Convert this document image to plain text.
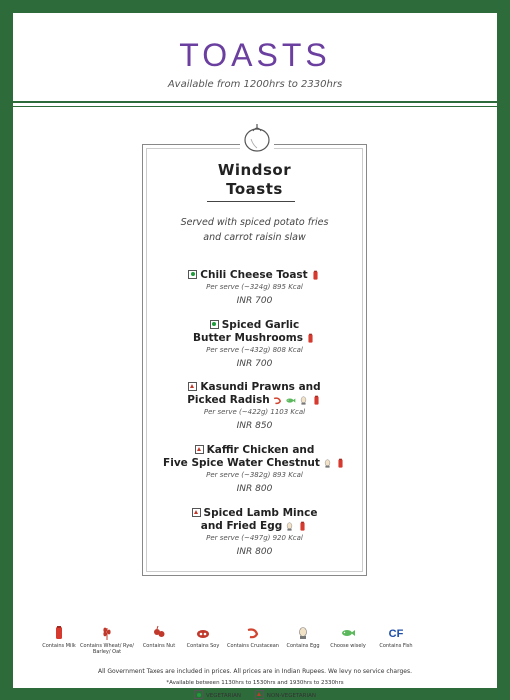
TOASTS
Available from 1200hrs to 2330hrs
Windsor
Toasts
Served with spiced potato fries
and carrot raisin slaw
Chili Cheese Toast
Per serve (~324g) 895 Kcal
INR 700
Spiced Garlic
Butter Mushrooms
Per serve (~432g) 808 Kcal
INR 700
Kasundi Prawns and
Picked Radish
Per serve (~422g) 1103 Kcal
INR 850
Kaffir Chicken and
Five Spice Water Chestnut
Per serve (~382g) 893 Kcal
INR 800
Spiced Lamb Mince
and Fried Egg
Per serve (~497g) 920 Kcal
INR 800
Contains Milk Contains Wheat/ Rye/ Barley/ Oat
Contains Nut	Contains Soy	Contains Crustacean	Contains Egg	Choose wisely
CF
Contains Fish
All Government Taxes are included in prices. All prices are in Indian Rupees. We levy no service charges.
*Available between 1130hrs to 1530hrs and 1930hrs to 2330hrs
VEGETARIAN	NON-VEGETARIAN
